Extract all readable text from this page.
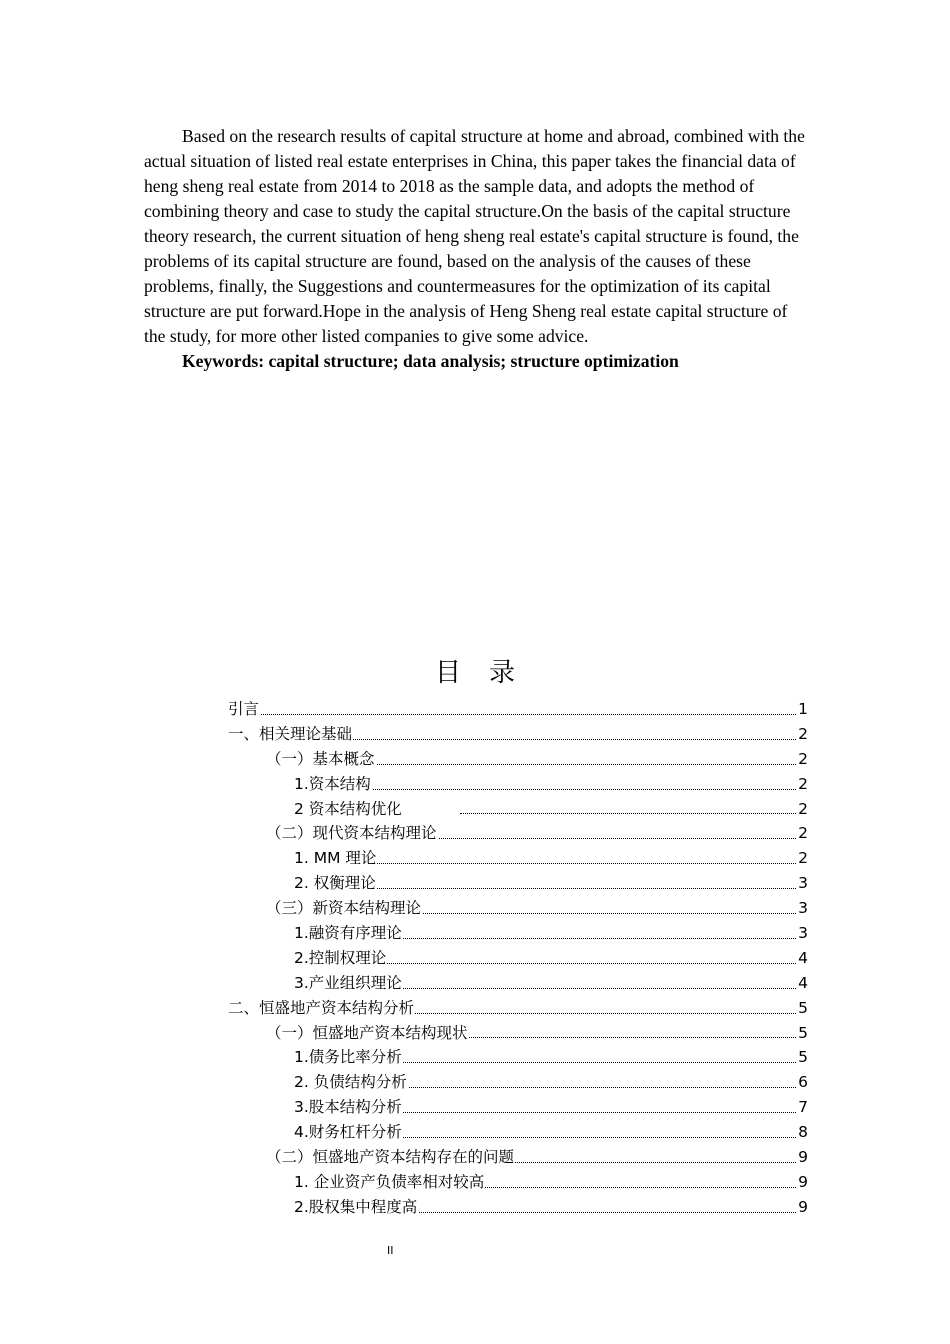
Based on the research results of capital structure at home and abroad, combined with the actual situation of listed real estate enterprises in China, this paper takes the financial data of heng sheng real estate from 2014 to 2018 as the sample data, and adopts the method of combining theory and case to study the capital structure.On the basis of the capital structure theory research, the current situation of heng sheng real estate's capital structure is found, the problems of its capital structure are found, based on the analysis of the causes of these problems, finally, the Suggestions and countermeasures for the optimization of its capital structure are put forward.Hope in the analysis of Heng Sheng real estate capital structure of the study, for more other listed companies to give some advice.

Keywords: capital structure; data analysis; structure optimization

目录
引言	1
一、相关理论基础	2
（一）基本概念	2
1.资本结构	2
2 资本结构优化	2
（二）现代资本结构理论	2
1. MM 理论	2
2. 权衡理论	3
（三）新资本结构理论	3
1.融资有序理论	3
2.控制权理论	4
3.产业组织理论	4
二、恒盛地产资本结构分析	5
（一）恒盛地产资本结构现状	5
1.债务比率分析	5
2. 负债结构分析	6
3.股本结构分析	7
4.财务杠杆分析	8
（二）恒盛地产资本结构存在的问题	9
1. 企业资产负债率相对较高	9
2.股权集中程度高	9
II
